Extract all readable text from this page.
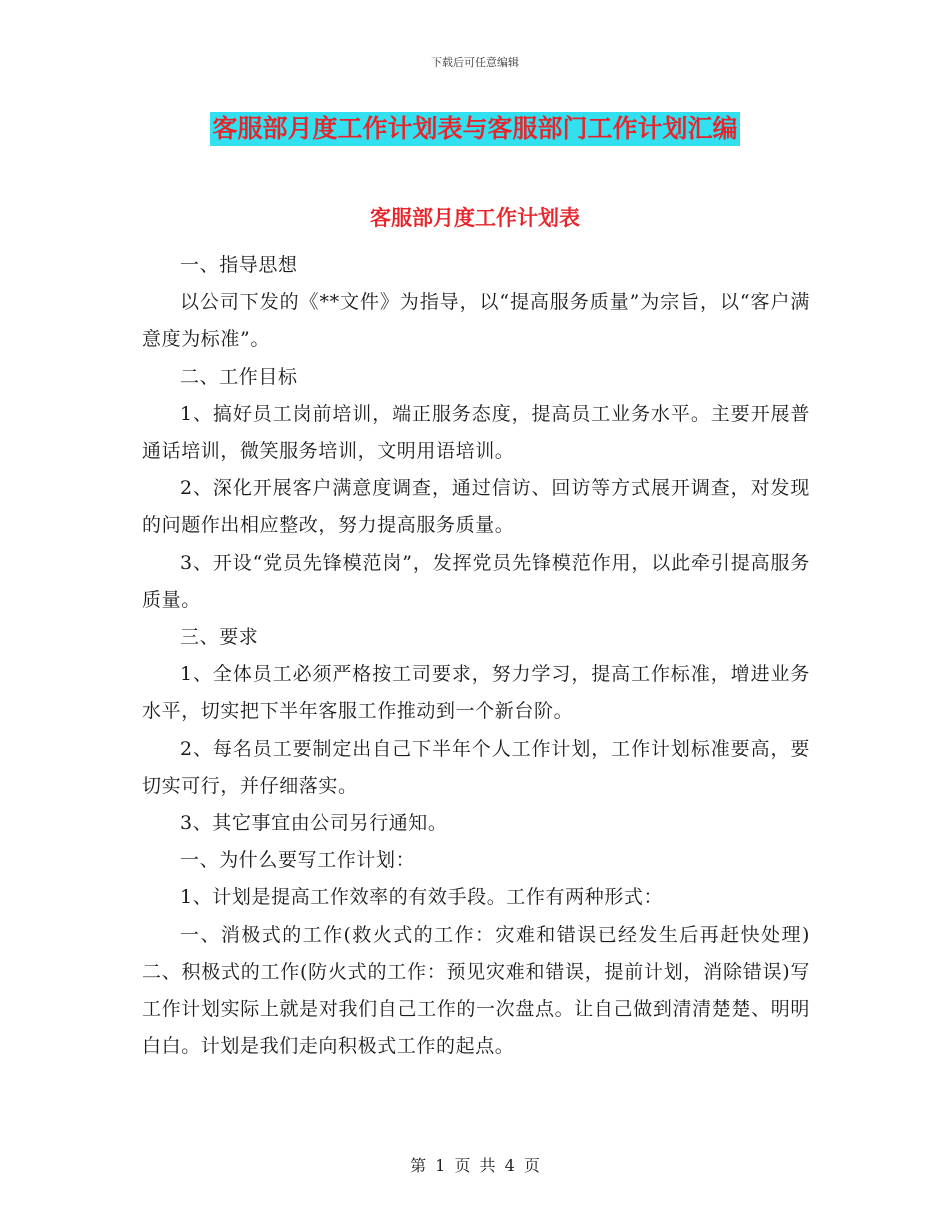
下载后可任意编辑
客服部月度工作计划表与客服部门工作计划汇编
客服部月度工作计划表

一、指导思想

以公司下发的《**文件》为指导，以“提高服务质量”为宗旨，以“客户满意度为标准”。

二、工作目标

1、搞好员工岗前培训，端正服务态度，提高员工业务水平。主要开展普通话培训，微笑服务培训，文明用语培训。

2、深化开展客户满意度调查，通过信访、回访等方式展开调查，对发现的问题作出相应整改，努力提高服务质量。

3、开设“党员先锋模范岗”，发挥党员先锋模范作用，以此牵引提高服务质量。

三、要求

1、全体员工必须严格按工司要求，努力学习，提高工作标准，增进业务水平，切实把下半年客服工作推动到一个新台阶。

2、每名员工要制定出自己下半年个人工作计划，工作计划标准要高，要切实可行，并仔细落实。

3、其它事宜由公司另行通知。

一、为什么要写工作计划：

1、计划是提高工作效率的有效手段。工作有两种形式：

一、消极式的工作(救火式的工作：灾难和错误已经发生后再赶快处理)二、积极式的工作(防火式的工作：预见灾难和错误，提前计划，消除错误)写工作计划实际上就是对我们自己工作的一次盘点。让自己做到清清楚楚、明明白白。计划是我们走向积极式工作的起点。

第 1 页 共 4 页
